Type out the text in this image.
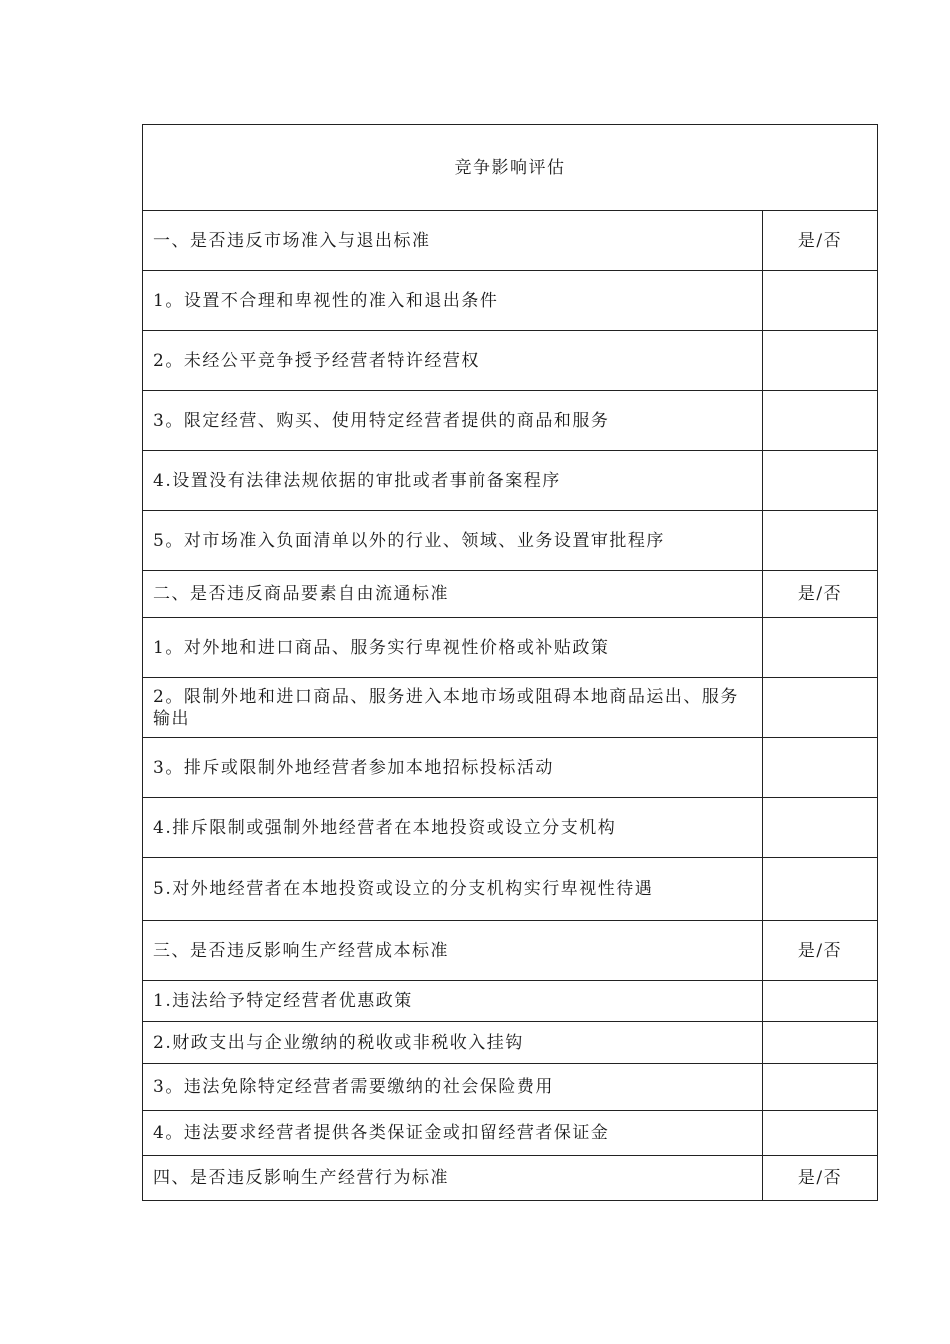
竞争影响评估	
一、是否违反市场准入与退出标准	是/否
1。设置不合理和卑视性的准入和退出条件	
2。未经公平竞争授予经营者特许经营权	
3。限定经营、购买、使用特定经营者提供的商品和服务	
4.设置没有法律法规依据的审批或者事前备案程序	
5。对市场准入负面清单以外的行业、领域、业务设置审批程序	
二、是否违反商品要素自由流通标准	是/否
1。对外地和进口商品、服务实行卑视性价格或补贴政策	
2。限制外地和进口商品、服务进入本地市场或阻碍本地商品运出、服务输出	
3。排斥或限制外地经营者参加本地招标投标活动	
4.排斥限制或强制外地经营者在本地投资或设立分支机构	
5.对外地经营者在本地投资或设立的分支机构实行卑视性待遇	
三、是否违反影响生产经营成本标准	是/否
1.违法给予特定经营者优惠政策	
2.财政支出与企业缴纳的税收或非税收入挂钩	
3。违法免除特定经营者需要缴纳的社会保险费用	
4。违法要求经营者提供各类保证金或扣留经营者保证金	
四、是否违反影响生产经营行为标准	是/否
